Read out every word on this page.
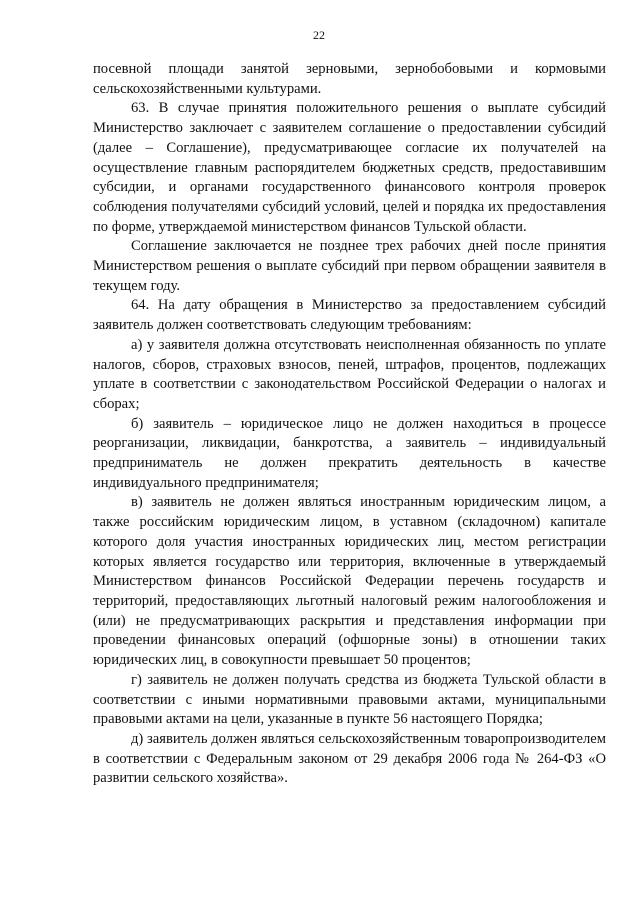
22

посевной площади занятой зерновыми, зернобобовыми и кормовыми сельскохозяйственными культурами.

63. В случае принятия положительного решения о выплате субсидий Министерство заключает с заявителем соглашение о предоставлении субсидий (далее – Соглашение), предусматривающее согласие их получателей на осуществление главным распорядителем бюджетных средств, предоставившим субсидии, и органами государственного финансового контроля проверок соблюдения получателями субсидий условий, целей и порядка их предоставления по форме, утверждаемой министерством финансов Тульской области.

Соглашение заключается не позднее трех рабочих дней после принятия Министерством решения о выплате субсидий при первом обращении заявителя в текущем году.

64. На дату обращения в Министерство за предоставлением субсидий заявитель должен соответствовать следующим требованиям:

а) у заявителя должна отсутствовать неисполненная обязанность по уплате налогов, сборов, страховых взносов, пеней, штрафов, процентов, подлежащих уплате в соответствии с законодательством Российской Федерации о налогах и сборах;

б) заявитель – юридическое лицо не должен находиться в процессе реорганизации, ликвидации, банкротства, а заявитель – индивидуальный предприниматель не должен прекратить деятельность в качестве индивидуального предпринимателя;

в) заявитель не должен являться иностранным юридическим лицом, а также российским юридическим лицом, в уставном (складочном) капитале которого доля участия иностранных юридических лиц, местом регистрации которых является государство или территория, включенные в утверждаемый Министерством финансов Российской Федерации перечень государств и территорий, предоставляющих льготный налоговый режим налогообложения и (или) не предусматривающих раскрытия и представления информации при проведении финансовых операций (офшорные зоны) в отношении таких юридических лиц, в совокупности превышает 50 процентов;

г) заявитель не должен получать средства из бюджета Тульской области в соответствии с иными нормативными правовыми актами, муниципальными правовыми актами на цели, указанные в пункте 56 настоящего Порядка;

д) заявитель должен являться сельскохозяйственным товаропроизводителем в соответствии с Федеральным законом от 29 декабря 2006 года № 264-ФЗ «О развитии сельского хозяйства».
